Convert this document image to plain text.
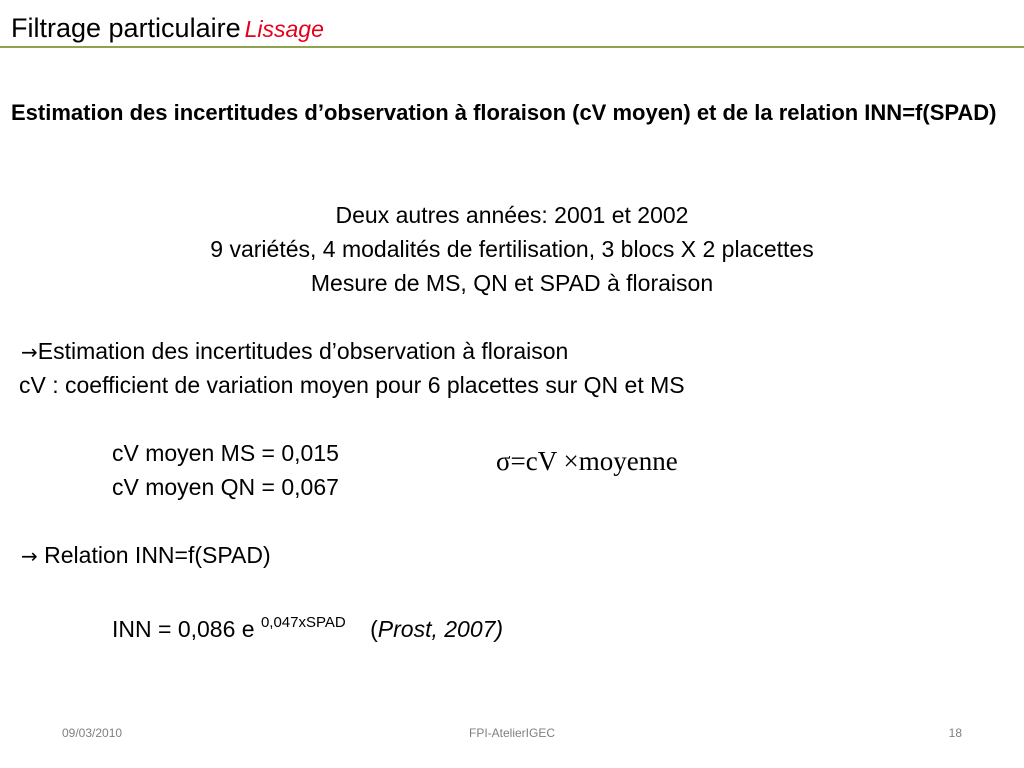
Filtrage particulaire Lissage
Estimation des incertitudes d’observation à floraison (cV moyen) et de la relation INN=f(SPAD)
Deux autres années: 2001 et 2002
9 variétés, 4 modalités de fertilisation, 3 blocs X 2 placettes
Mesure de MS, QN et SPAD à floraison
→Estimation des incertitudes d’observation à floraison
cV : coefficient de variation moyen pour 6 placettes sur QN et MS
cV moyen MS = 0,015
cV moyen QN = 0,067
σ=cV ×moyenne
→ Relation INN=f(SPAD)
INN = 0,086 e $^{0,047xSPAD}$ (Prost, 2007)
09/03/2010	FPI-AtelierIGEC	18
